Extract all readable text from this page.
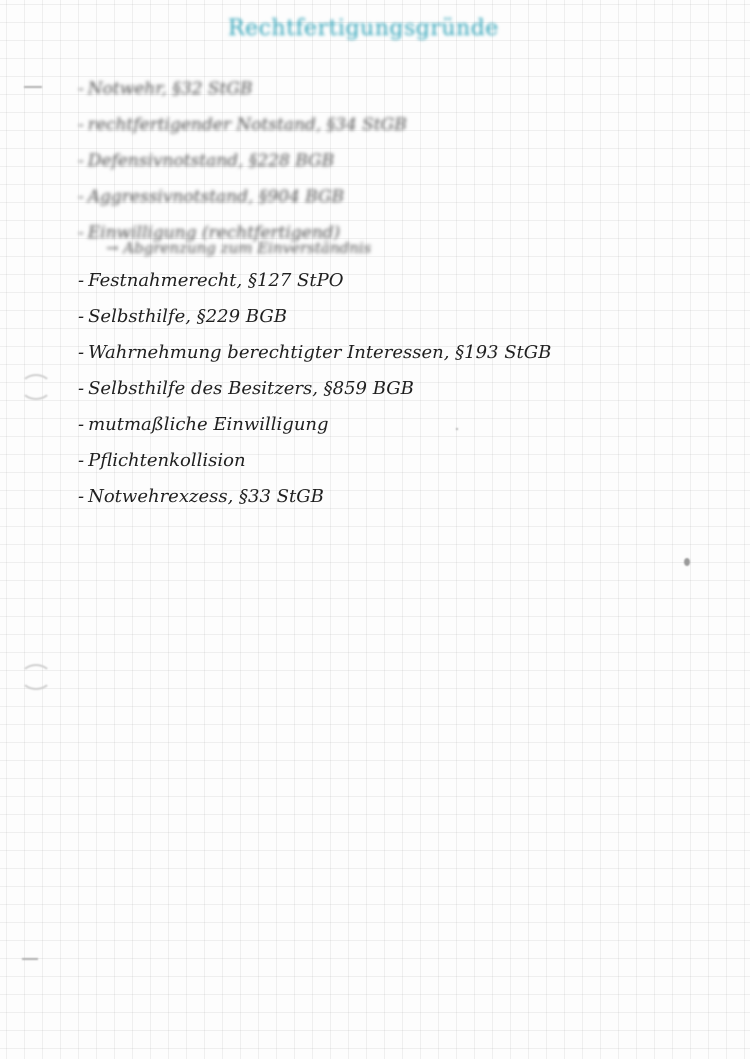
Rechtfertigungsgründe
- Notwehr, §32 StGB
- rechtfertigender Notstand, §34 StGB
- Defensivnotstand, §228 BGB
- Aggressivnotstand, §904 BGB
- Einwilligung (rechtfertigend)
→ Abgrenzung zum Einverständnis
- Festnahmerecht, §127 StPO
- Selbsthilfe, §229 BGB
- Wahrnehmung berechtigter Interessen, §193 StGB
- Selbsthilfe des Besitzers, §859 BGB
- mutmaßliche Einwilligung
- Pflichtenkollision
- Notwehrexzess, §33 StGB
